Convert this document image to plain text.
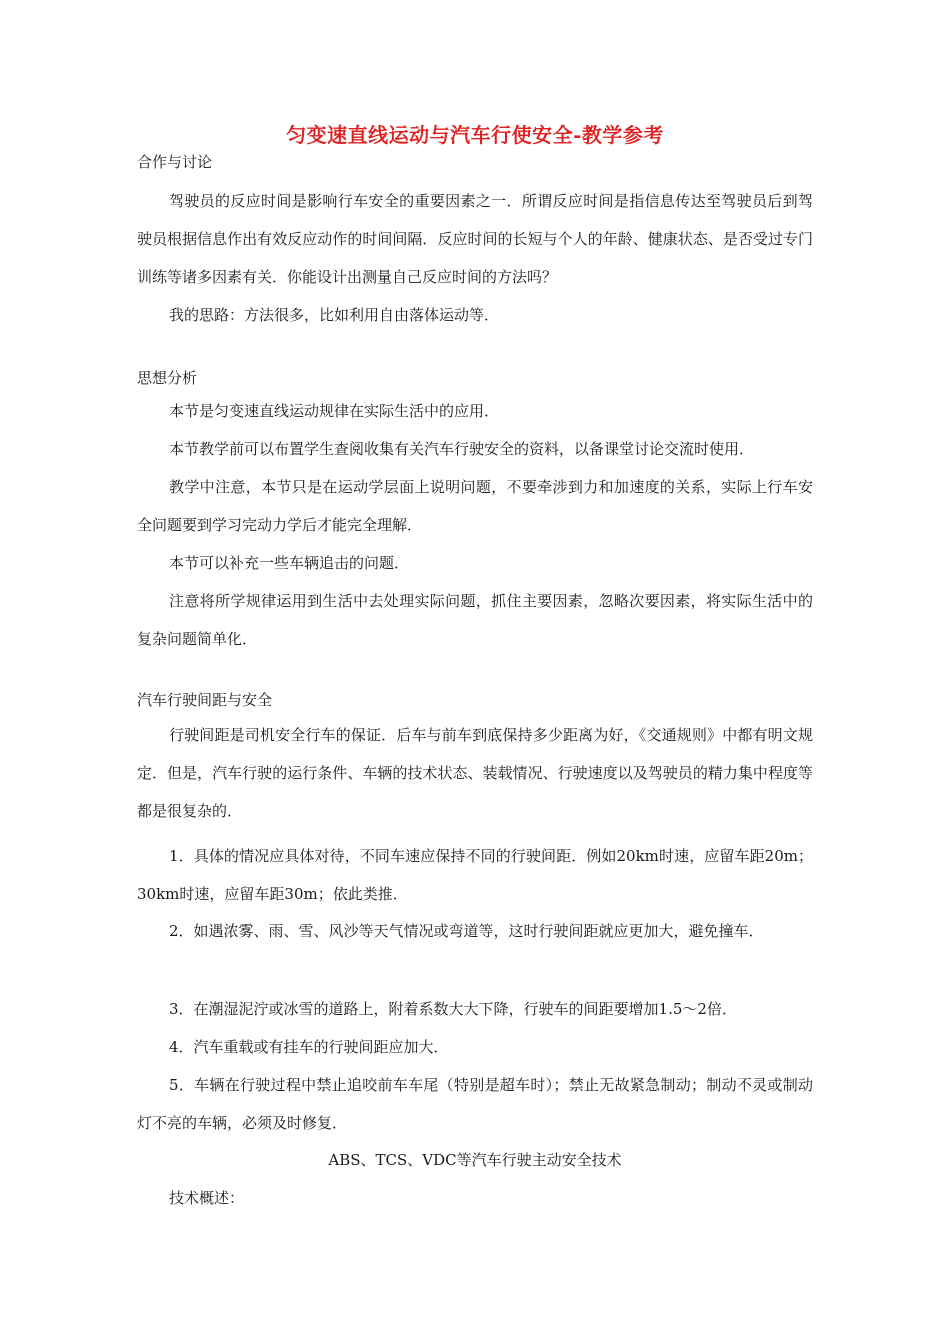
匀变速直线运动与汽车行使安全-教学参考
合作与讨论

驾驶员的反应时间是影响行车安全的重要因素之一．所谓反应时间是指信息传达至驾驶员后到驾驶员根据信息作出有效反应动作的时间间隔．反应时间的长短与个人的年龄、健康状态、是否受过专门训练等诸多因素有关．你能设计出测量自己反应时间的方法吗？

我的思路：方法很多，比如利用自由落体运动等．

思想分析

本节是匀变速直线运动规律在实际生活中的应用．

本节教学前可以布置学生查阅收集有关汽车行驶安全的资料，以备课堂讨论交流时使用．

教学中注意，本节只是在运动学层面上说明问题，不要牵涉到力和加速度的关系，实际上行车安全问题要到学习完动力学后才能完全理解．

本节可以补充一些车辆追击的问题．

注意将所学规律运用到生活中去处理实际问题，抓住主要因素，忽略次要因素，将实际生活中的复杂问题简单化．

汽车行驶间距与安全

行驶间距是司机安全行车的保证．后车与前车到底保持多少距离为好，《交通规则》中都有明文规定．但是，汽车行驶的运行条件、车辆的技术状态、装载情况、行驶速度以及驾驶员的精力集中程度等都是很复杂的．

1．具体的情况应具体对待，不同车速应保持不同的行驶间距．例如20km时速，应留车距20m；30km时速，应留车距30m；依此类推．

2．如遇浓雾、雨、雪、风沙等天气情况或弯道等，这时行驶间距就应更加大，避免撞车．

3．在潮湿泥泞或冰雪的道路上，附着系数大大下降，行驶车的间距要增加1.5～2倍．

4．汽车重载或有挂车的行驶间距应加大．

5．车辆在行驶过程中禁止追咬前车车尾（特别是超车时）；禁止无故紧急制动；制动不灵或制动灯不亮的车辆，必须及时修复．

ABS、TCS、VDC等汽车行驶主动安全技术
技术概述：
